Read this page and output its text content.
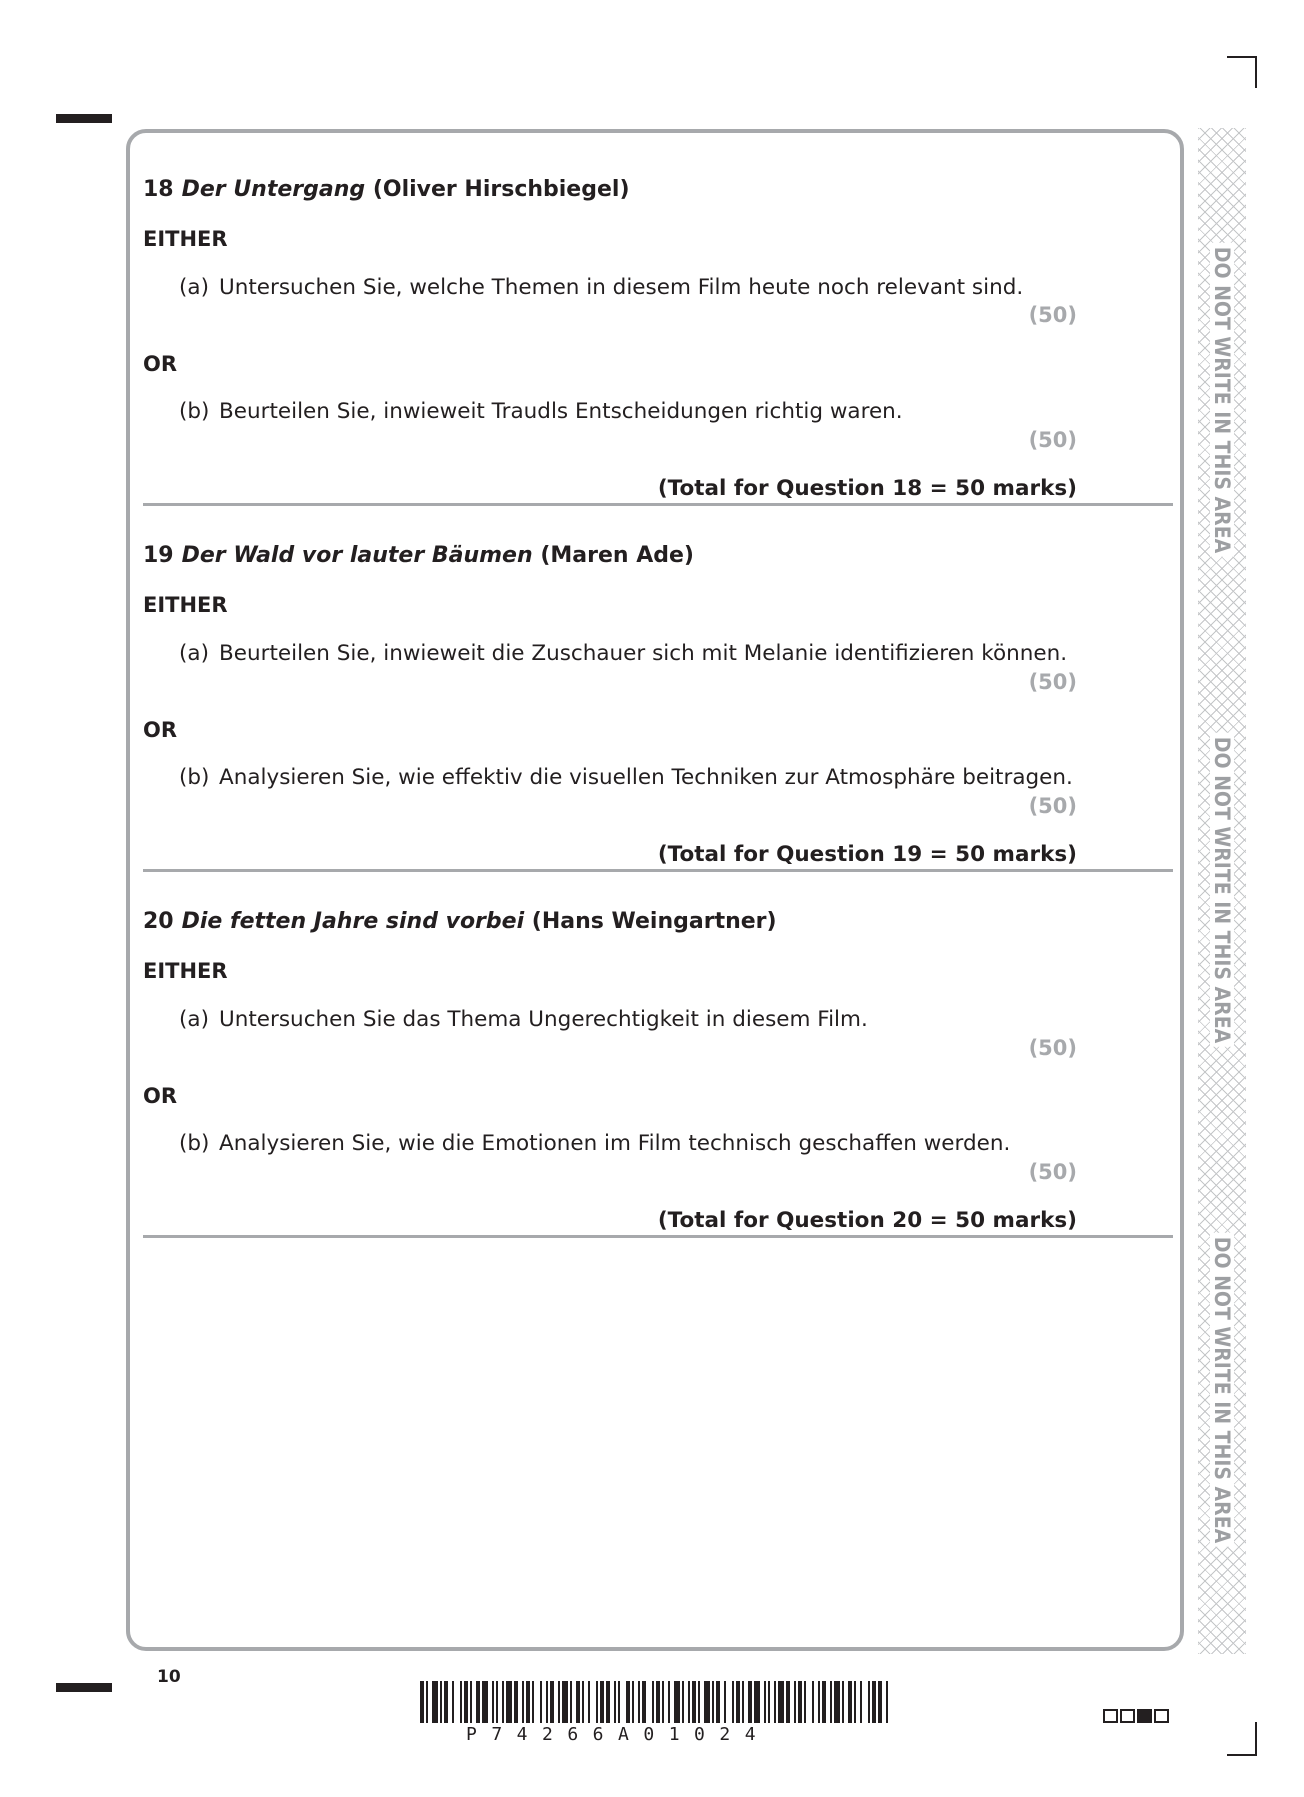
DO NOT WRITE IN THIS AREA
DO NOT WRITE IN THIS AREA
DO NOT WRITE IN THIS AREA
18 Der Untergang (Oliver Hirschbiegel)
EITHER
(a) Untersuchen Sie, welche Themen in diesem Film heute noch relevant sind.
(50)
OR
(b) Beurteilen Sie, inwieweit Traudls Entscheidungen richtig waren.
(50)
(Total for Question 18 = 50 marks)
19 Der Wald vor lauter Bäumen (Maren Ade)
EITHER
(a) Beurteilen Sie, inwieweit die Zuschauer sich mit Melanie identifizieren können.
(50)
OR
(b) Analysieren Sie, wie effektiv die visuellen Techniken zur Atmosphäre beitragen.
(50)
(Total for Question 19 = 50 marks)
20 Die fetten Jahre sind vorbei (Hans Weingartner)
EITHER
(a) Untersuchen Sie das Thema Ungerechtigkeit in diesem Film.
(50)
OR
(b) Analysieren Sie, wie die Emotionen im Film technisch geschaffen werden.
(50)
(Total for Question 20 = 50 marks)
10
P74266A01024
